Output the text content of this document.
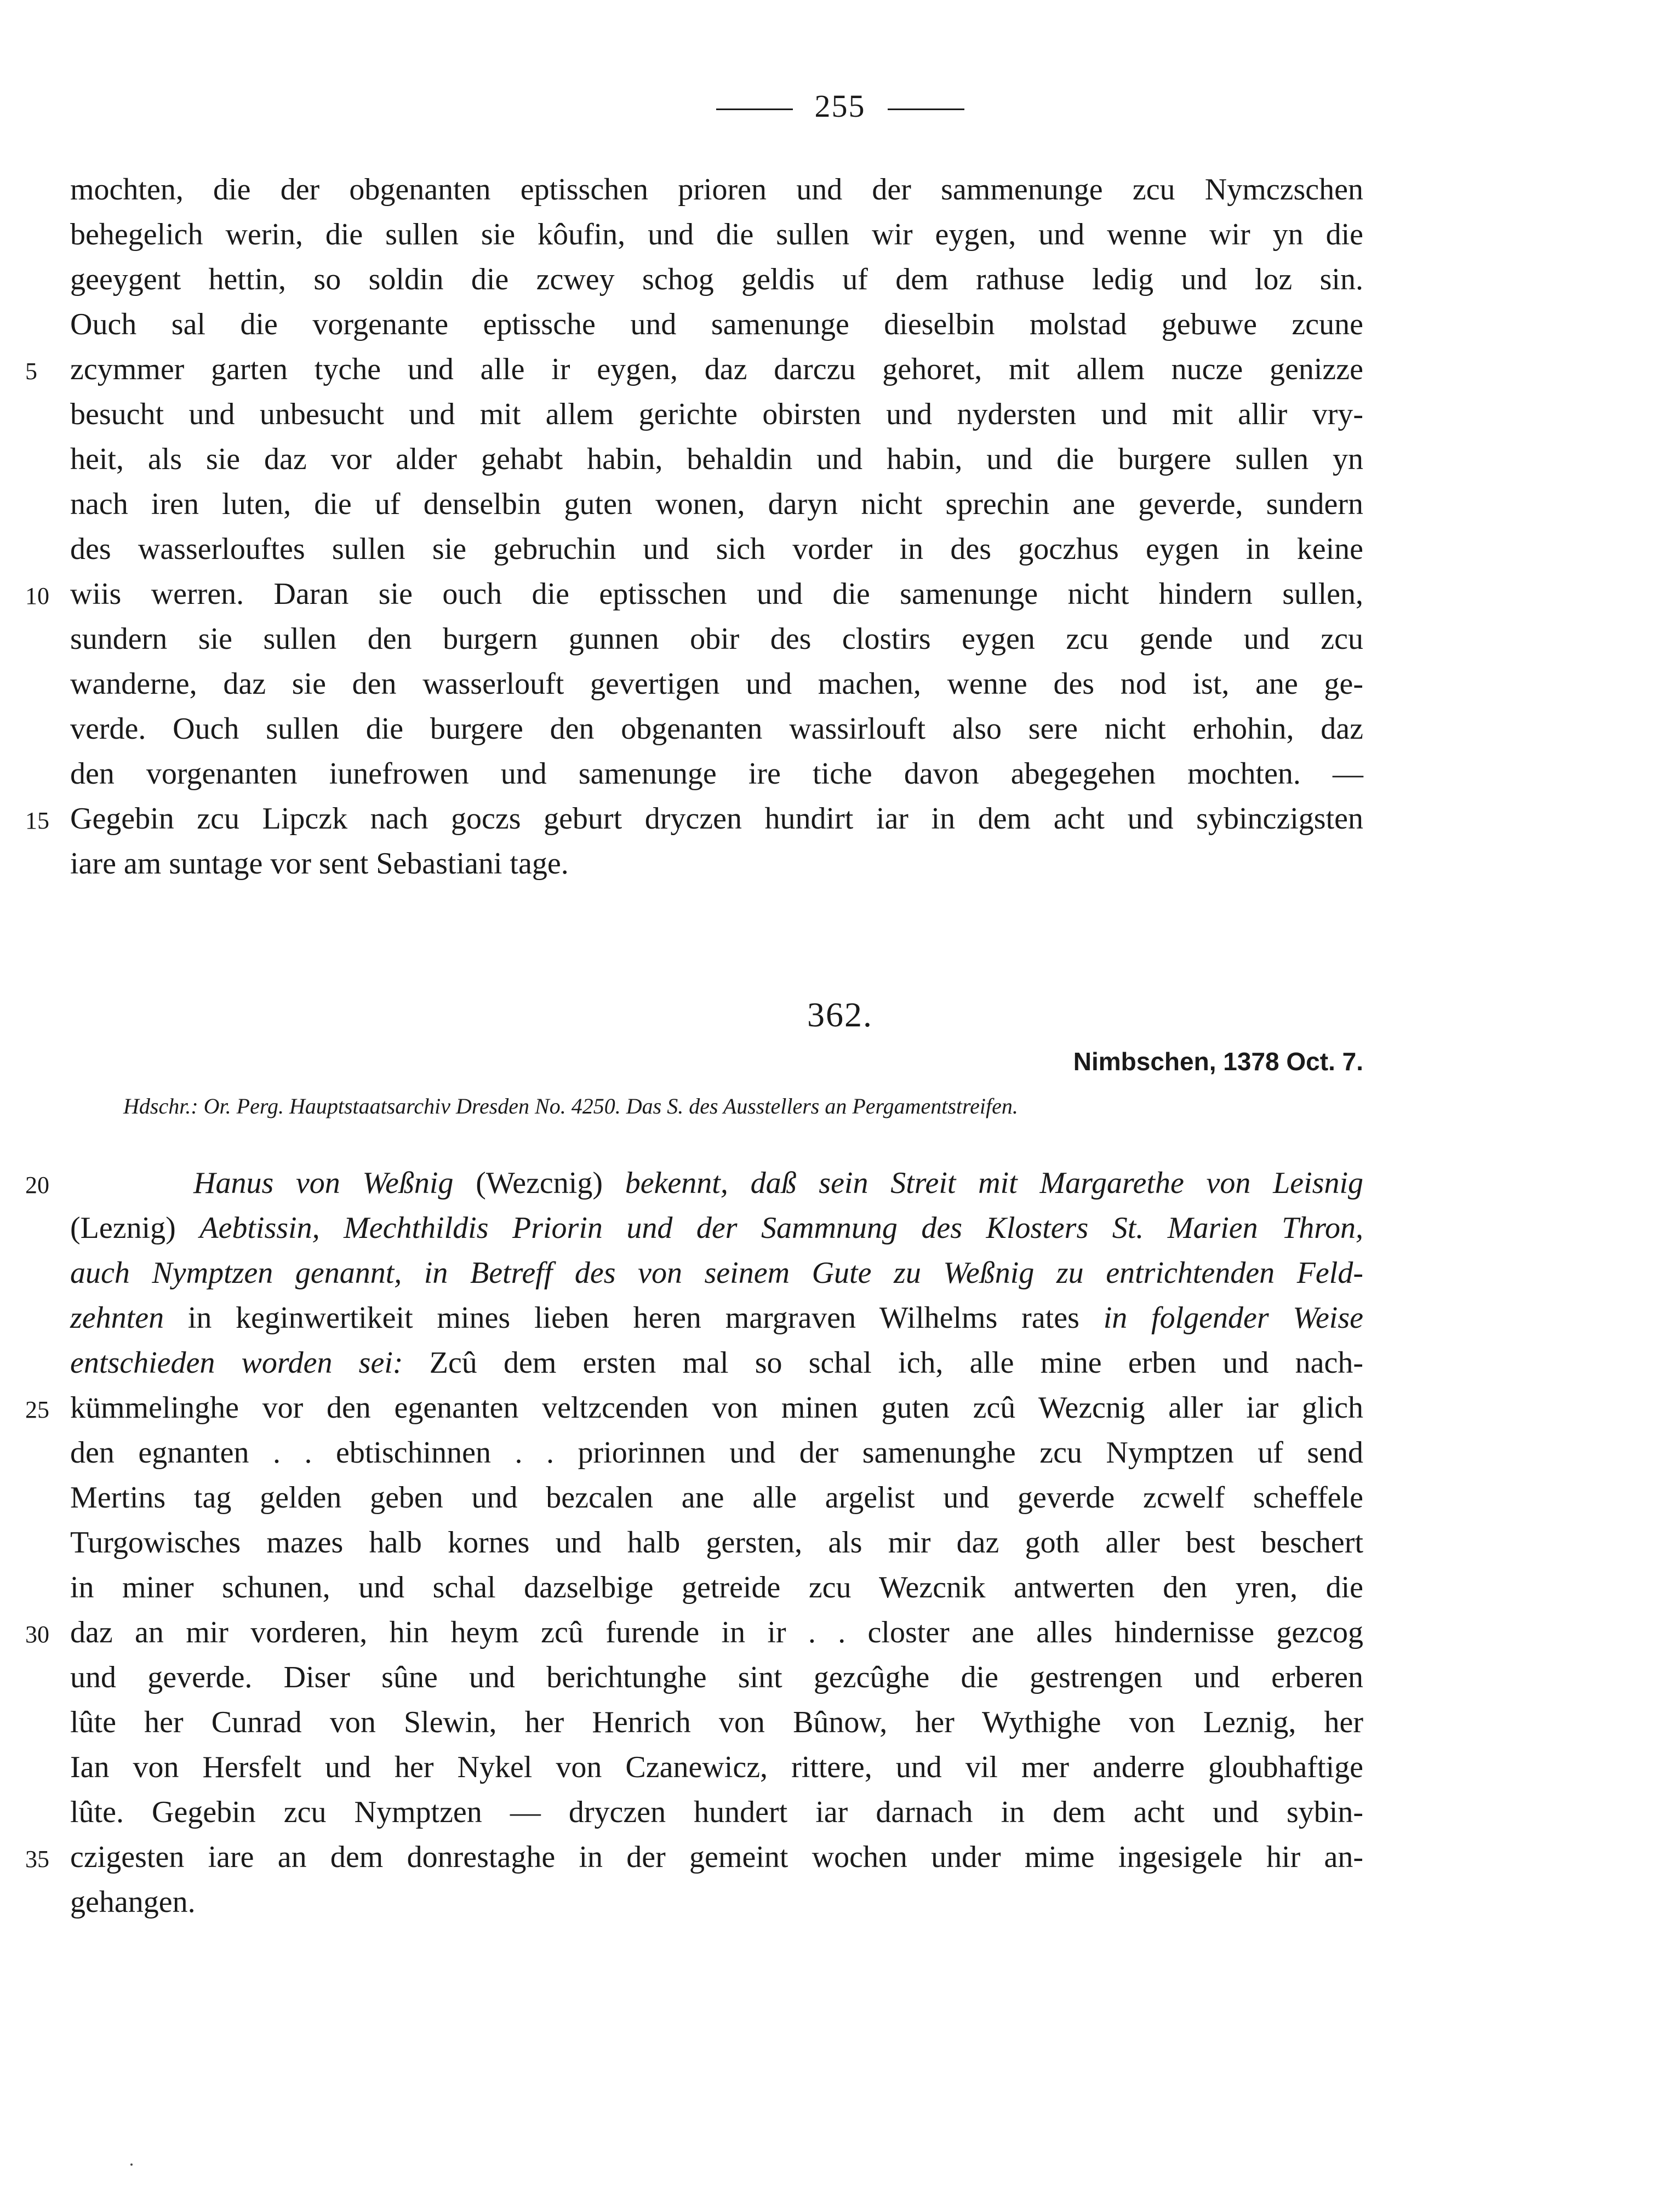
255
mochten, die der obgenanten eptisschen prioren und der sammenunge zcu Nymczschen
behegelich werin, die sullen sie kôufin, und die sullen wir eygen, und wenne wir yn die
geeygent hettin, so soldin die zcwey schog geldis uf dem rathuse ledig und loz sin.
Ouch sal die vorgenante eptissche und samenunge dieselbin molstad gebuwe zcune
5	zcymmer garten tyche und alle ir eygen, daz darczu gehoret, mit allem nucze genizze
besucht und unbesucht und mit allem gerichte obirsten und nydersten und mit allir vry-
heit, als sie daz vor alder gehabt habin, behaldin und habin, und die burgere sullen yn
nach iren luten, die uf denselbin guten wonen, daryn nicht sprechin ane geverde, sundern
des wasserlouftes sullen sie gebruchin und sich vorder in des goczhus eygen in keine
10 wiis werren. Daran sie ouch die eptisschen und die samenunge nicht hindern sullen,
sundern sie sullen den burgern gunnen obir des clostirs eygen zcu gende und zcu
wanderne, daz sie den wasserlouft gevertigen und machen, wenne des nod ist, ane ge-
verde. Ouch sullen die burgere den obgenanten wassirlouft also sere nicht erhohin, daz
den vorgenanten iunefrowen und samenunge ire tiche davon abegegehen mochten. —
15 Gegebin zcu Lipczk nach goczs geburt dryczen hundirt iar in dem acht und sybinczigsten
iare am suntage vor sent Sebastiani tage.
362.
Nimbschen, 1378 Oct. 7.
Hdschr.: Or. Perg. Hauptstaatsarchiv Dresden No. 4250. Das S. des Ausstellers an Pergamentstreifen.
20	Hanus von Weßnig (Wezcnig) bekennt, daß sein Streit mit Margarethe von Leisnig
(Leznig) Aebtissin, Mechthildis Priorin und der Sammnung des Klosters St. Marien Thron,
auch Nymptzen genannt, in Betreff des von seinem Gute zu Weßnig zu entrichtenden Feld-
zehnten in keginwertikeit mines lieben heren margraven Wilhelms rates in folgender Weise
entschieden worden sei: Zcû dem ersten mal so schal ich, alle mine erben und nach-
25 kümmelinghe vor den egenanten veltzcenden von minen guten zcû Wezcnig aller iar glich
den egnanten . . ebtischinnen . . priorinnen und der samenunghe zcu Nymptzen uf send
Mertins tag gelden geben und bezcalen ane alle argelist und geverde zcwelf scheffele
Turgowisches mazes halb kornes und halb gersten, als mir daz goth aller best beschert
in miner schunen, und schal dazselbige getreide zcu Wezcnik antwerten den yren, die
30 daz an mir vorderen, hin heym zcû furende in ir . . closter ane alles hindernisse gezcog
und geverde. Diser sûne und berichtunghe sint gezcûghe die gestrengen und erberen
lûte her Cunrad von Slewin, her Henrich von Bûnow, her Wythighe von Leznig, her
Ian von Hersfelt und her Nykel von Czanewicz, rittere, und vil mer anderre gloubhaftige
lûte. Gegebin zcu Nymptzen — dryczen hundert iar darnach in dem acht und sybin-
35 czigesten iare an dem donrestaghe in der gemeint wochen under mime ingesigele hir an-
gehangen.
